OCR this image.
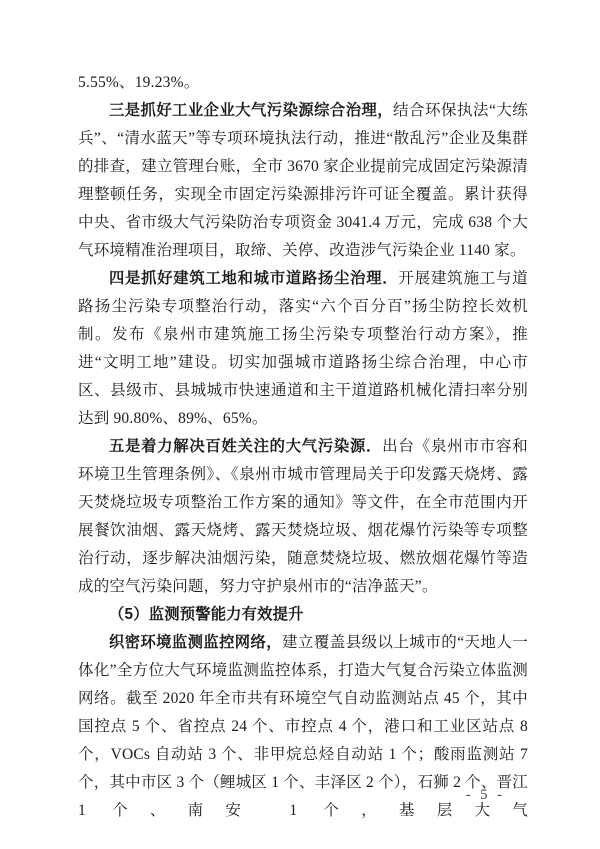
5.55%、19.23%。

三是抓好工业企业大气污染源综合治理，结合环保执法“大练兵”、“清水蓝天”等专项环境执法行动，推进“散乱污”企业及集群的排查，建立管理台账，全市 3670 家企业提前完成固定污染源清理整顿任务，实现全市固定污染源排污许可证全覆盖。累计获得中央、省市级大气污染防治专项资金 3041.4 万元，完成 638 个大气环境精准治理项目，取缔、关停、改造涉气污染企业 1140 家。

四是抓好建筑工地和城市道路扬尘治理．开展建筑施工与道路扬尘污染专项整治行动，落实“六个百分百”扬尘防控长效机制。发布《泉州市建筑施工扬尘污染专项整治行动方案》，推进“文明工地”建设。切实加强城市道路扬尘综合治理，中心市区、县级市、县城城市快速通道和主干道道路机械化清扫率分别达到 90.80%、89%、65%。

五是着力解决百姓关注的大气污染源．出台《泉州市市容和环境卫生管理条例》、《泉州市城市管理局关于印发露天烧烤、露天焚烧垃圾专项整治工作方案的通知》等文件，在全市范围内开展餐饮油烟、露天烧烤、露天焚烧垃圾、烟花爆竹污染等专项整治行动，逐步解决油烟污染，随意焚烧垃圾、燃放烟花爆竹等造成的空气污染问题，努力守护泉州市的“洁净蓝天”。

（5）监测预警能力有效提升

织密环境监测监控网络，建立覆盖县级以上城市的“天地人一体化”全方位大气环境监测监控体系，打造大气复合污染立体监测网络。截至 2020 年全市共有环境空气自动监测站点 45 个，其中国控点 5 个、省控点 24 个、市控点 4 个，港口和工业区站点 8 个，VOCs 自动站 3 个、非甲烷总烃自动站 1 个；酸雨监测站 7 个，其中市区 3 个（鲤城区 1 个、丰泽区 2 个），石狮 2 个、晋江 1 个、南安 1 个，基层大气

- 5 -
